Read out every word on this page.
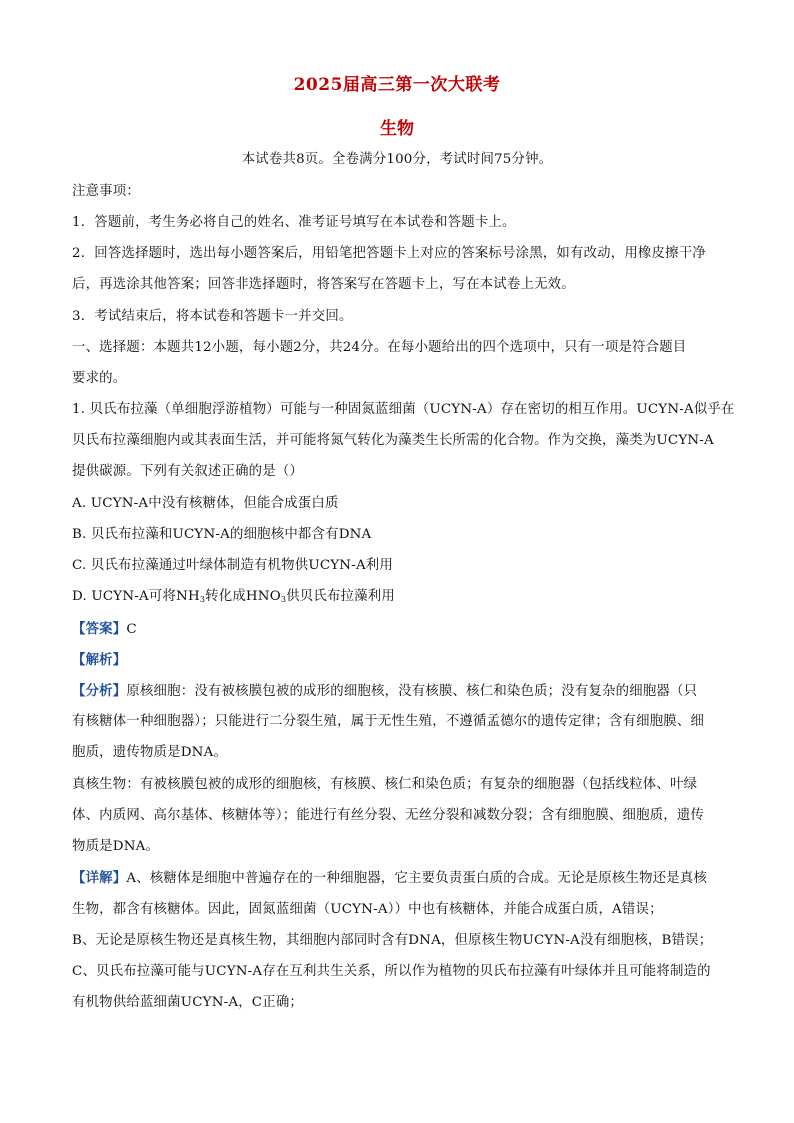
2025届高三第一次大联考
生物
本试卷共8页。全卷满分100分，考试时间75分钟。
注意事项：
1．答题前，考生务必将自己的姓名、准考证号填写在本试卷和答题卡上。
2．回答选择题时，选出每小题答案后，用铅笔把答题卡上对应的答案标号涂黑，如有改动，用橡皮擦干净
后，再选涂其他答案；回答非选择题时，将答案写在答题卡上，写在本试卷上无效。
3．考试结束后，将本试卷和答题卡一并交回。
一、选择题：本题共12小题，每小题2分，共24分。在每小题给出的四个选项中，只有一项是符合题目
要求的。
1. 贝氏布拉藻（单细胞浮游植物）可能与一种固氮蓝细菌（UCYN-A）存在密切的相互作用。UCYN-A似乎在
贝氏布拉藻细胞内或其表面生活，并可能将氮气转化为藻类生长所需的化合物。作为交换，藻类为UCYN-A
提供碳源。下列有关叙述正确的是（）
A. UCYN-A中没有核糖体，但能合成蛋白质
B. 贝氏布拉藻和UCYN-A的细胞核中都含有DNA
C. 贝氏布拉藻通过叶绿体制造有机物供UCYN-A利用
D. UCYN-A可将$NH_3$转化成$HNO_3$供贝氏布拉藻利用
【答案】C
【解析】
【分析】原核细胞：没有被核膜包被的成形的细胞核，没有核膜、核仁和染色质；没有复杂的细胞器（只
有核糖体一种细胞器）；只能进行二分裂生殖，属于无性生殖，不遵循孟德尔的遗传定律；含有细胞膜、细
胞质，遗传物质是DNA。
真核生物：有被核膜包被的成形的细胞核，有核膜、核仁和染色质；有复杂的细胞器（包括线粒体、叶绿
体、内质网、高尔基体、核糖体等）；能进行有丝分裂、无丝分裂和减数分裂；含有细胞膜、细胞质，遗传
物质是DNA。
【详解】A、核糖体是细胞中普遍存在的一种细胞器，它主要负责蛋白质的合成。无论是原核生物还是真核
生物，都含有核糖体。因此，固氮蓝细菌（UCYN-A））中也有核糖体，并能合成蛋白质，A错误；
B、无论是原核生物还是真核生物，其细胞内部同时含有DNA，但原核生物UCYN-A没有细胞核，B错误；
C、贝氏布拉藻可能与UCYN-A存在互利共生关系，所以作为植物的贝氏布拉藻有叶绿体并且可能将制造的
有机物供给蓝细菌UCYN-A，C正确；
